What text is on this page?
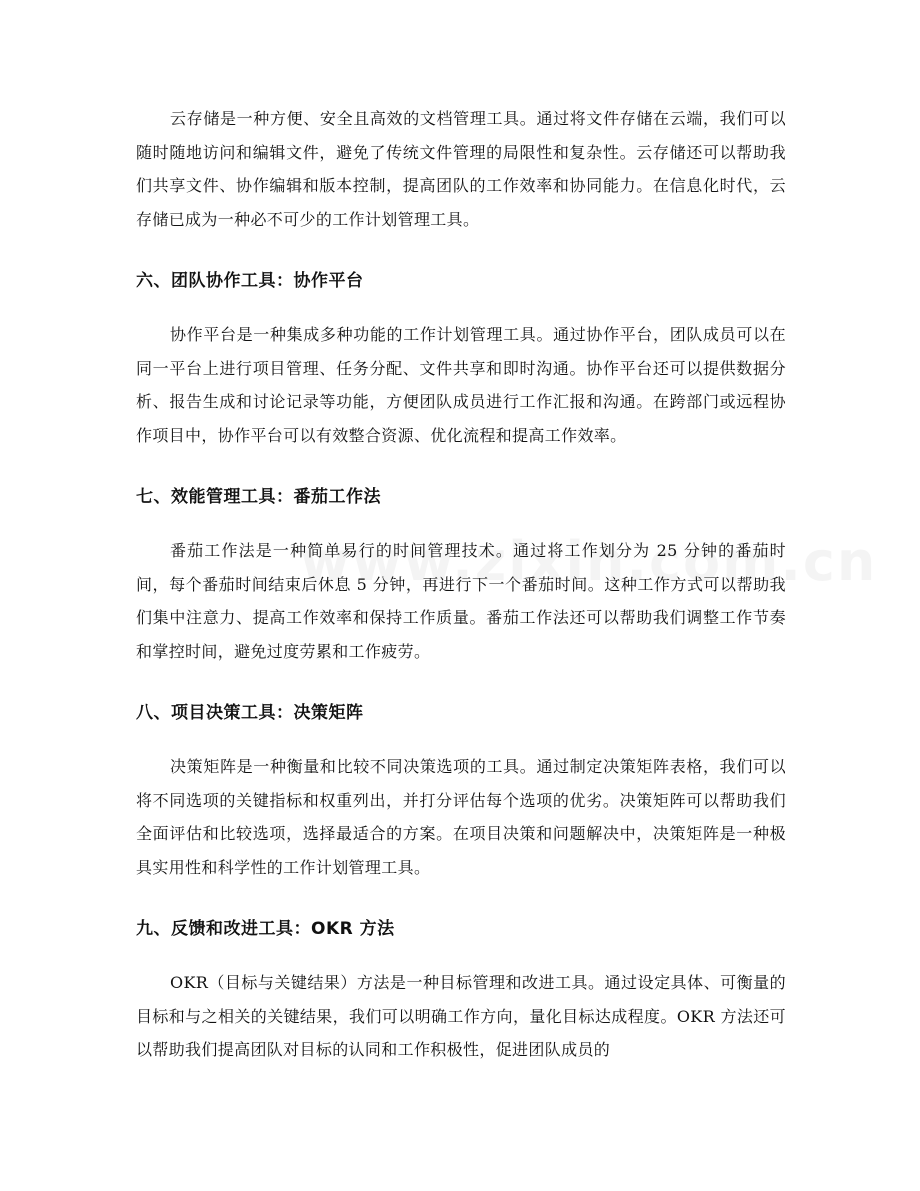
云存储是一种方便、安全且高效的文档管理工具。通过将文件存储在云端，我们可以随时随地访问和编辑文件，避免了传统文件管理的局限性和复杂性。云存储还可以帮助我们共享文件、协作编辑和版本控制，提高团队的工作效率和协同能力。在信息化时代，云存储已成为一种必不可少的工作计划管理工具。

六、团队协作工具：协作平台

协作平台是一种集成多种功能的工作计划管理工具。通过协作平台，团队成员可以在同一平台上进行项目管理、任务分配、文件共享和即时沟通。协作平台还可以提供数据分析、报告生成和讨论记录等功能，方便团队成员进行工作汇报和沟通。在跨部门或远程协作项目中，协作平台可以有效整合资源、优化流程和提高工作效率。

七、效能管理工具：番茄工作法

番茄工作法是一种简单易行的时间管理技术。通过将工作划分为 25 分钟的番茄时间，每个番茄时间结束后休息 5 分钟，再进行下一个番茄时间。这种工作方式可以帮助我们集中注意力、提高工作效率和保持工作质量。番茄工作法还可以帮助我们调整工作节奏和掌控时间，避免过度劳累和工作疲劳。

八、项目决策工具：决策矩阵

决策矩阵是一种衡量和比较不同决策选项的工具。通过制定决策矩阵表格，我们可以将不同选项的关键指标和权重列出，并打分评估每个选项的优劣。决策矩阵可以帮助我们全面评估和比较选项，选择最适合的方案。在项目决策和问题解决中，决策矩阵是一种极具实用性和科学性的工作计划管理工具。

九、反馈和改进工具：OKR 方法

OKR（目标与关键结果）方法是一种目标管理和改进工具。通过设定具体、可衡量的目标和与之相关的关键结果，我们可以明确工作方向，量化目标达成程度。OKR 方法还可以帮助我们提高团队对目标的认同和工作积极性，促进团队成员的
